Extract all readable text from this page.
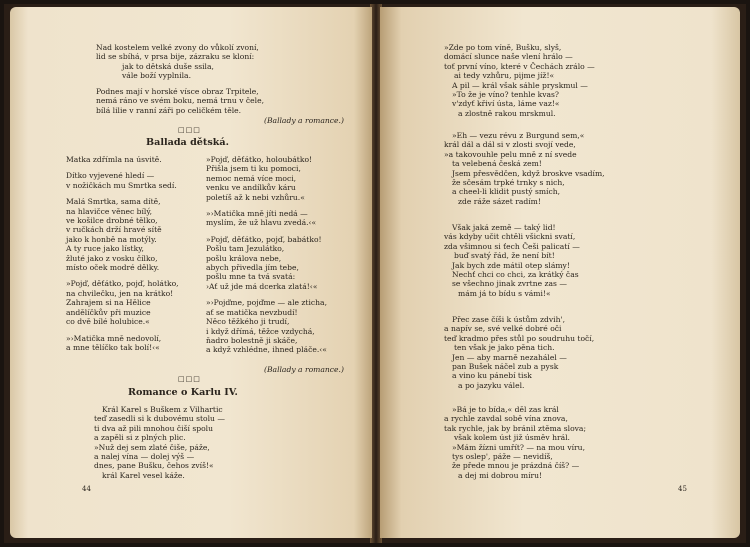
Nad kostelem velké zvony do vůkolí zvoní,
lid se sbíhá, v prsa bije, zázraku se kloní:
jak to dětská duše ssila,
vále boží vyplnila.
Podnes mají v horské vísce obraz Trpitele,
nemá ráno ve svém boku, nemá trnu v čele,
bílá lilie v ranní záři po celičkém těle.
(Ballady a romance.)
□□□
Ballada dětská.
Matka zdřímla na úsvitě.
Dítko vyjevené hledí —
v nožičkách mu Smrtka sedí.
Malá Smrtka, sama dítě,
na hlavičce věnec bílý,
ve košilce drobné tělko,
v ručkách drží hravé sítě
jako k honbě na motýly.
A ty ruce jako lístky,
žluté jako z vosku čílko,
místo oček modré dělky.
»Pojď, děťátko, pojď, holátko,
na chvilečku, jen na krátko!
Zahrajem si na Hělice
andělíčkův při muzice
co dvě bílé holubice.«
»›Matička mně nedovolí,
a mne tělíčko tak bolí!‹«
»Pojď, děťátko, holoubátko!
Přišla jsem ti ku pomoci,
nemoc nemá více moci,
venku ve andílkův káru
poletíš až k nebi vzhůru.«
»›Matička mně jíti nedá —
myslím, že už hlavu zvedá.‹«
»Pojď, děťátko, pojď, babátko!
Pošlu tam Jezulátko,
pošlu králova nebe,
abych přivedla jím tebe,
pošlu mne ta tvá svatá:
›Ať už jde má dcerka zlatá!‹«
»›Pojďme, pojďme — ale zticha,
ať se matička nevzbudí!
Něco těžkého ji trudí,
i když dřímá, těžce vzdychá,
ňadro bolestně ji skáče,
a když vzhlédne, ihned pláče.‹«
(Ballady a romance.)
□□□
Romance o Karlu IV.
Král Karel s Buškem z Vilhartic
teď zasedli si k dubovému stolu —
ti dva až pili mnohou čiší spolu
a zapěli si z plných plic.
»Nuž dej sem zlaté čiše, páže,
a nalej vína — dolej výš —
dnes, pane Bušku, čehos zvíš!«
král Karel vesel káže.
44
»Zde po tom víně, Bušku, slyš,
domácí slunce naše vlení hrálo —
toť první víno, které v Čechách zrálo —
ai tedy vzhůru, pijme jíž!«
A pil — král však sáhle pryskmul —
»To že je víno? tenhle kvas?
v'zdyť křiví ústa, láme vaz!«
a zlostně rakou mrskmul.
»Eh — vezu révu z Burgund sem,«
král dál a dál si v zlosti svojí vede,
»a takovouhle pelu mně z ní svede
ta velebená česká zem!
Jsem přesvědčen, když broskve vsadím,
že sčesám trpké trnky s nich,
a cheel-li klidit pustý smích,
zde ráže sázet radím!
Však jaká země — taký lid!
vás kdyby učit chtěli všickni svatí,
zda všimnou si ťech Češi palicatí —
buď svatý řád, že není bít!
Jak bych zde mátil otep slámy!
Nechť chci co chci, za krátký čas
se všechno jinak zvrtne zas —
mám já to bídu s vámi!«
Přec zase číši k ústům zdvih',
a napív se, své velké dobré oči
teď kradmo přes stůl po soudruhu točí,
ten však je jako pěna tich.
Jen — aby marně nezahálel —
pan Bušek náčel zub a pysk
a vino ku pánebí tisk
a po jazyku válel.
»Bá je to bída,« děl zas král
a rychle zavdal sobě vína znova,
tak rychle, jak by bránil ztěma slova;
však kolem úst již úsměv hrál.
»Mám žízni umřít? — na mou víru,
tys oslep', páže — nevidíš,
že přede mnou je prázdná číš? —
a dej mi dobrou míru!
45
